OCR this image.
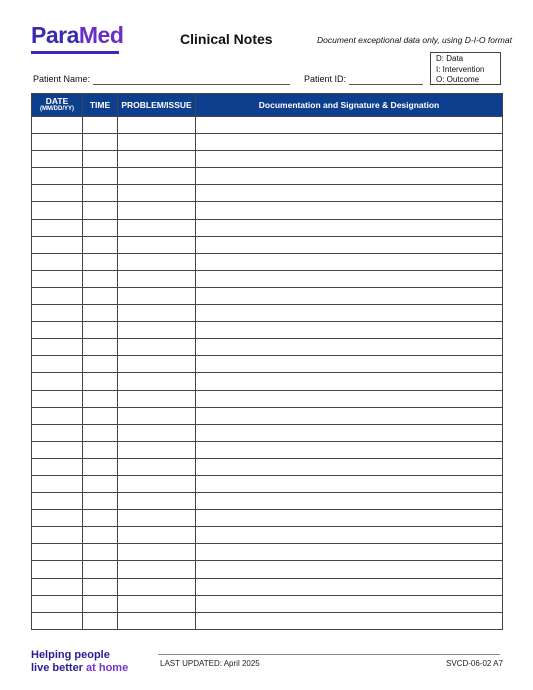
ParaMed	Clinical Notes	Document exceptional data only, using D-I-O format
D: Data
I: Intervention
O: Outcome
Patient Name:	Patient ID:
DATE
(MM/DD/YY)	TIME	PROBLEM/ISSUE	Documentation and Signature & Designation

Helping people
live better at home	LAST UPDATED: April 2025	SVCD-06-02 A7
